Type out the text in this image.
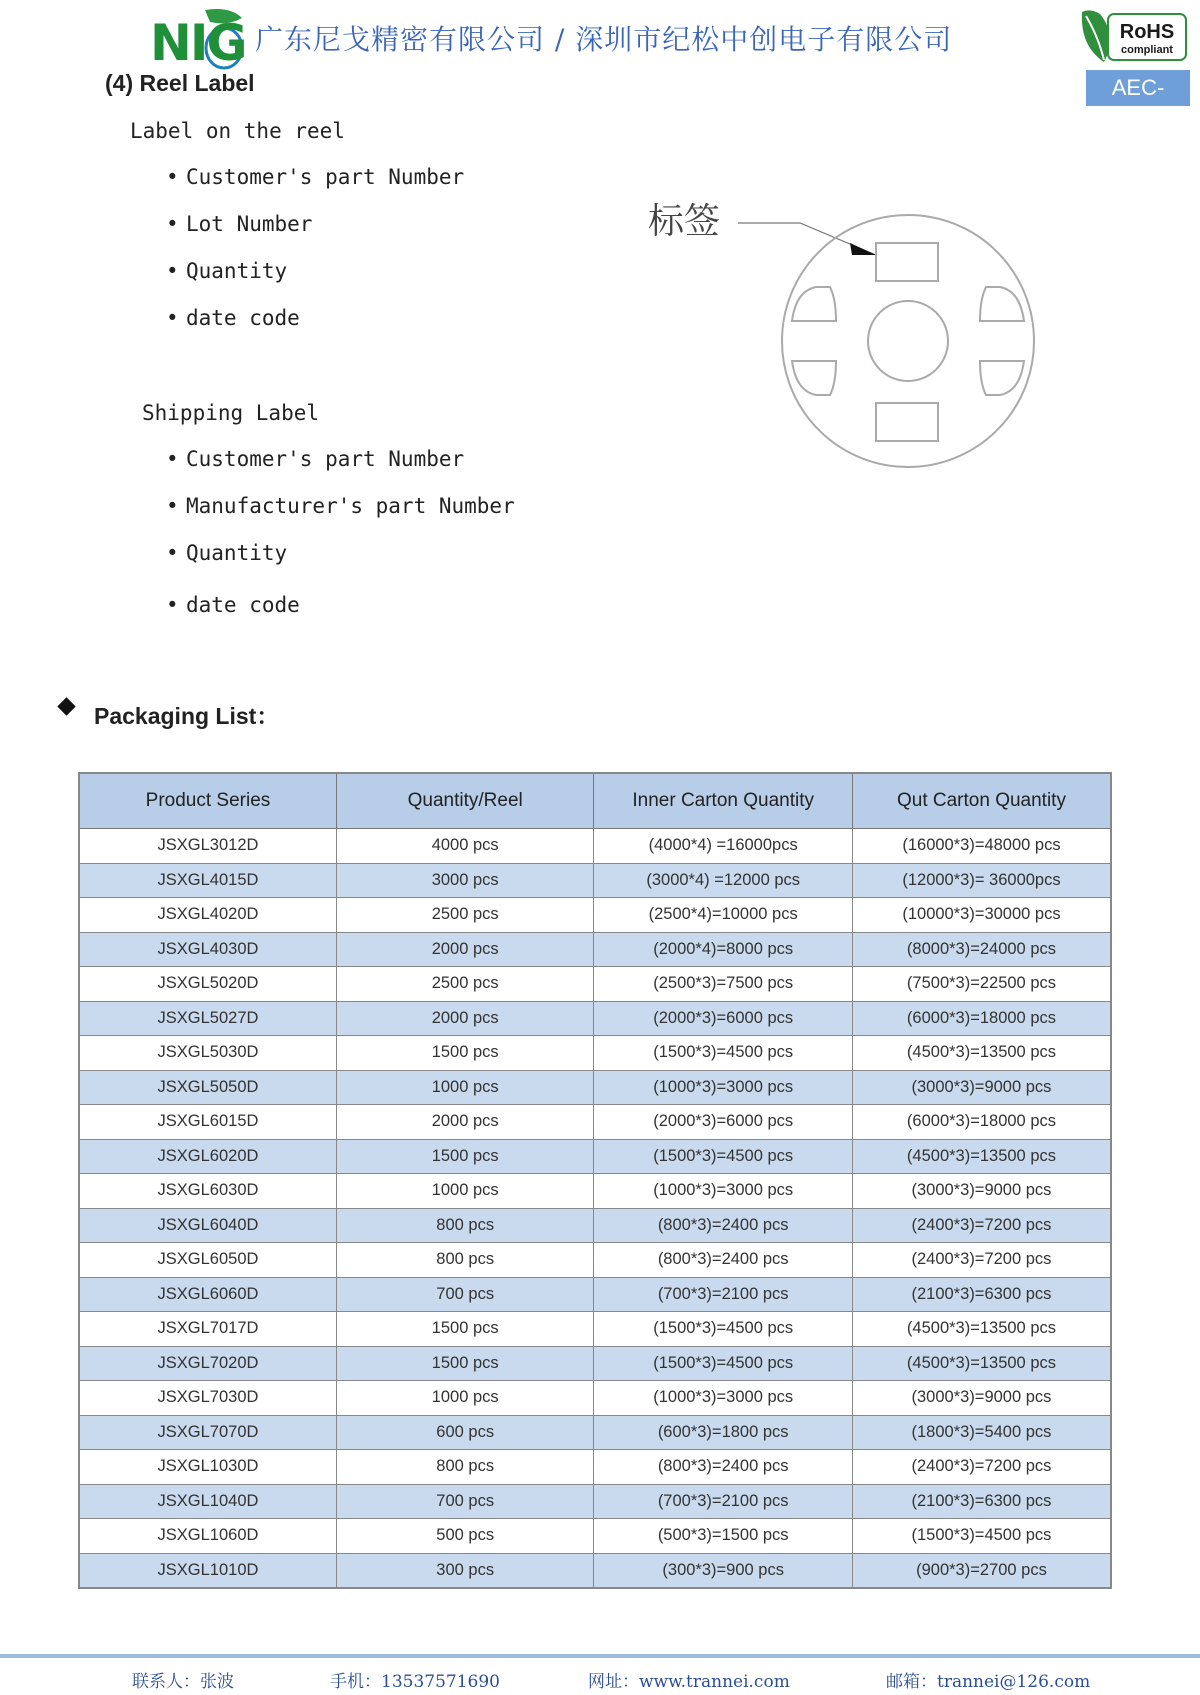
NIG 广东尼戈精密有限公司 / 深圳市纪松中创电子有限公司	RoHS
compliant
AEC-Q200
(4) Reel Label
Label on the reel
• Customer's part Number
• Lot Number
• Quantity
• date code
Shipping Label
• Customer's part Number
• Manufacturer's part Number
• Quantity
• date code
标签
Packaging List：
Product Series	Quantity/Reel	Inner Carton Quantity	Qut Carton Quantity
JSXGL3012D	4000 pcs	(4000*4) =16000pcs	(16000*3)=48000 pcs
JSXGL4015D	3000 pcs	(3000*4) =12000 pcs	(12000*3)= 36000pcs
JSXGL4020D	2500 pcs	(2500*4)=10000 pcs	(10000*3)=30000 pcs
JSXGL4030D	2000 pcs	(2000*4)=8000 pcs	(8000*3)=24000 pcs
JSXGL5020D	2500 pcs	(2500*3)=7500 pcs	(7500*3)=22500 pcs
JSXGL5027D	2000 pcs	(2000*3)=6000 pcs	(6000*3)=18000 pcs
JSXGL5030D	1500 pcs	(1500*3)=4500 pcs	(4500*3)=13500 pcs
JSXGL5050D	1000 pcs	(1000*3)=3000 pcs	(3000*3)=9000 pcs
JSXGL6015D	2000 pcs	(2000*3)=6000 pcs	(6000*3)=18000 pcs
JSXGL6020D	1500 pcs	(1500*3)=4500 pcs	(4500*3)=13500 pcs
JSXGL6030D	1000 pcs	(1000*3)=3000 pcs	(3000*3)=9000 pcs
JSXGL6040D	800 pcs	(800*3)=2400 pcs	(2400*3)=7200 pcs
JSXGL6050D	800 pcs	(800*3)=2400 pcs	(2400*3)=7200 pcs
JSXGL6060D	700 pcs	(700*3)=2100 pcs	(2100*3)=6300 pcs
JSXGL7017D	1500 pcs	(1500*3)=4500 pcs	(4500*3)=13500 pcs
JSXGL7020D	1500 pcs	(1500*3)=4500 pcs	(4500*3)=13500 pcs
JSXGL7030D	1000 pcs	(1000*3)=3000 pcs	(3000*3)=9000 pcs
JSXGL7070D	600 pcs	(600*3)=1800 pcs	(1800*3)=5400 pcs
JSXGL1030D	800 pcs	(800*3)=2400 pcs	(2400*3)=7200 pcs
JSXGL1040D	700 pcs	(700*3)=2100 pcs	(2100*3)=6300 pcs
JSXGL1060D	500 pcs	(500*3)=1500 pcs	(1500*3)=4500 pcs
JSXGL1010D	300 pcs	(300*3)=900 pcs	(900*3)=2700 pcs
联系人：张波	手机：13537571690	网址：www.trannei.com	邮箱：trannei@126.com
